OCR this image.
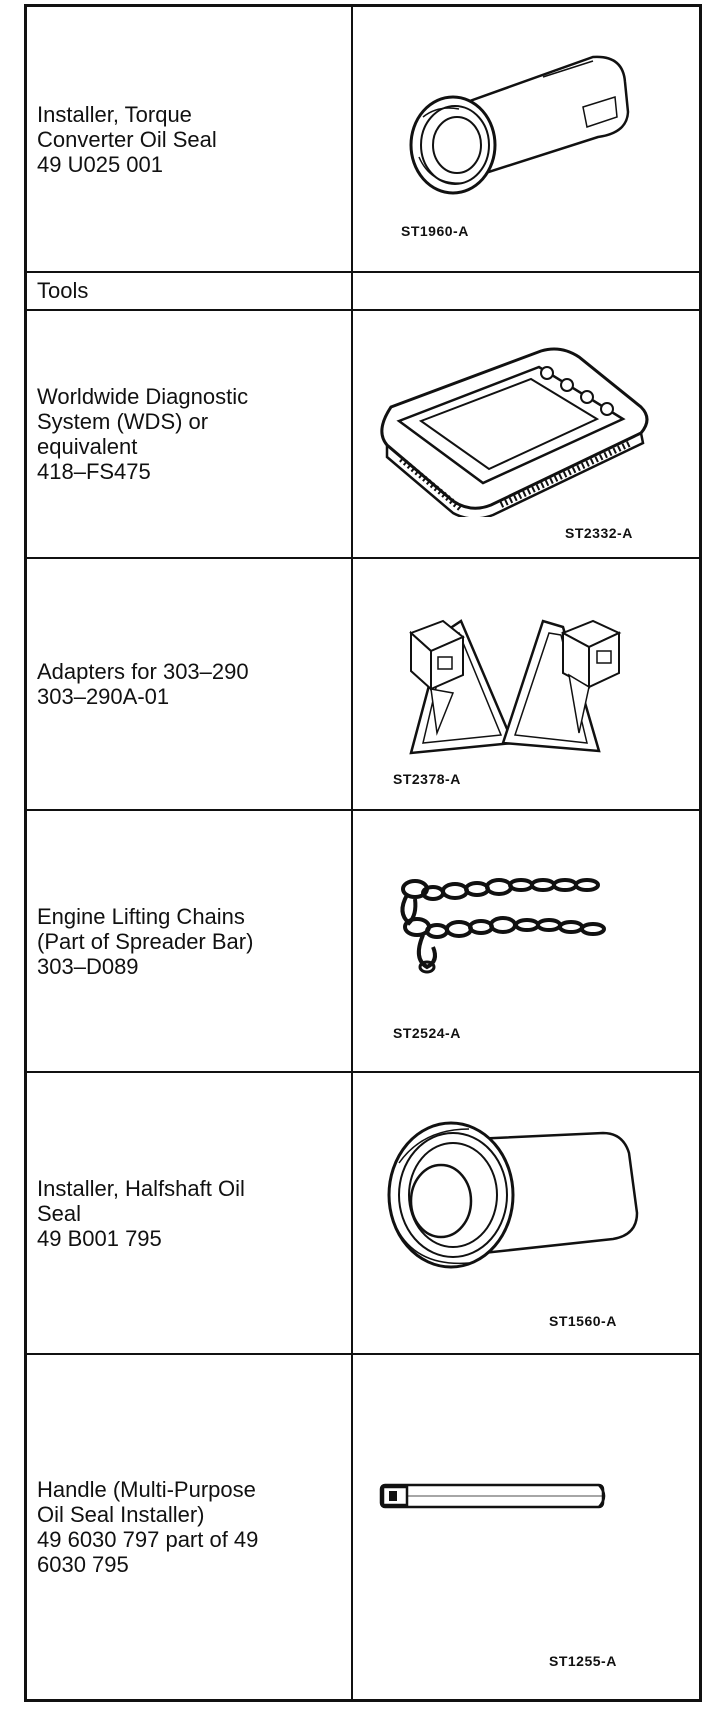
Installer, Torque
Converter Oil Seal
49 U025 001
ST1960-A
Tools
Worldwide Diagnostic
System (WDS) or
equivalent
418–FS475
ST2332-A
Adapters for 303–290
303–290A-01
ST2378-A
Engine Lifting Chains
(Part of Spreader Bar)
303–D089
ST2524-A
Installer, Halfshaft Oil
Seal
49 B001 795
ST1560-A
Handle (Multi-Purpose
Oil Seal Installer)
49 6030 797 part of 49
6030 795
ST1255-A
